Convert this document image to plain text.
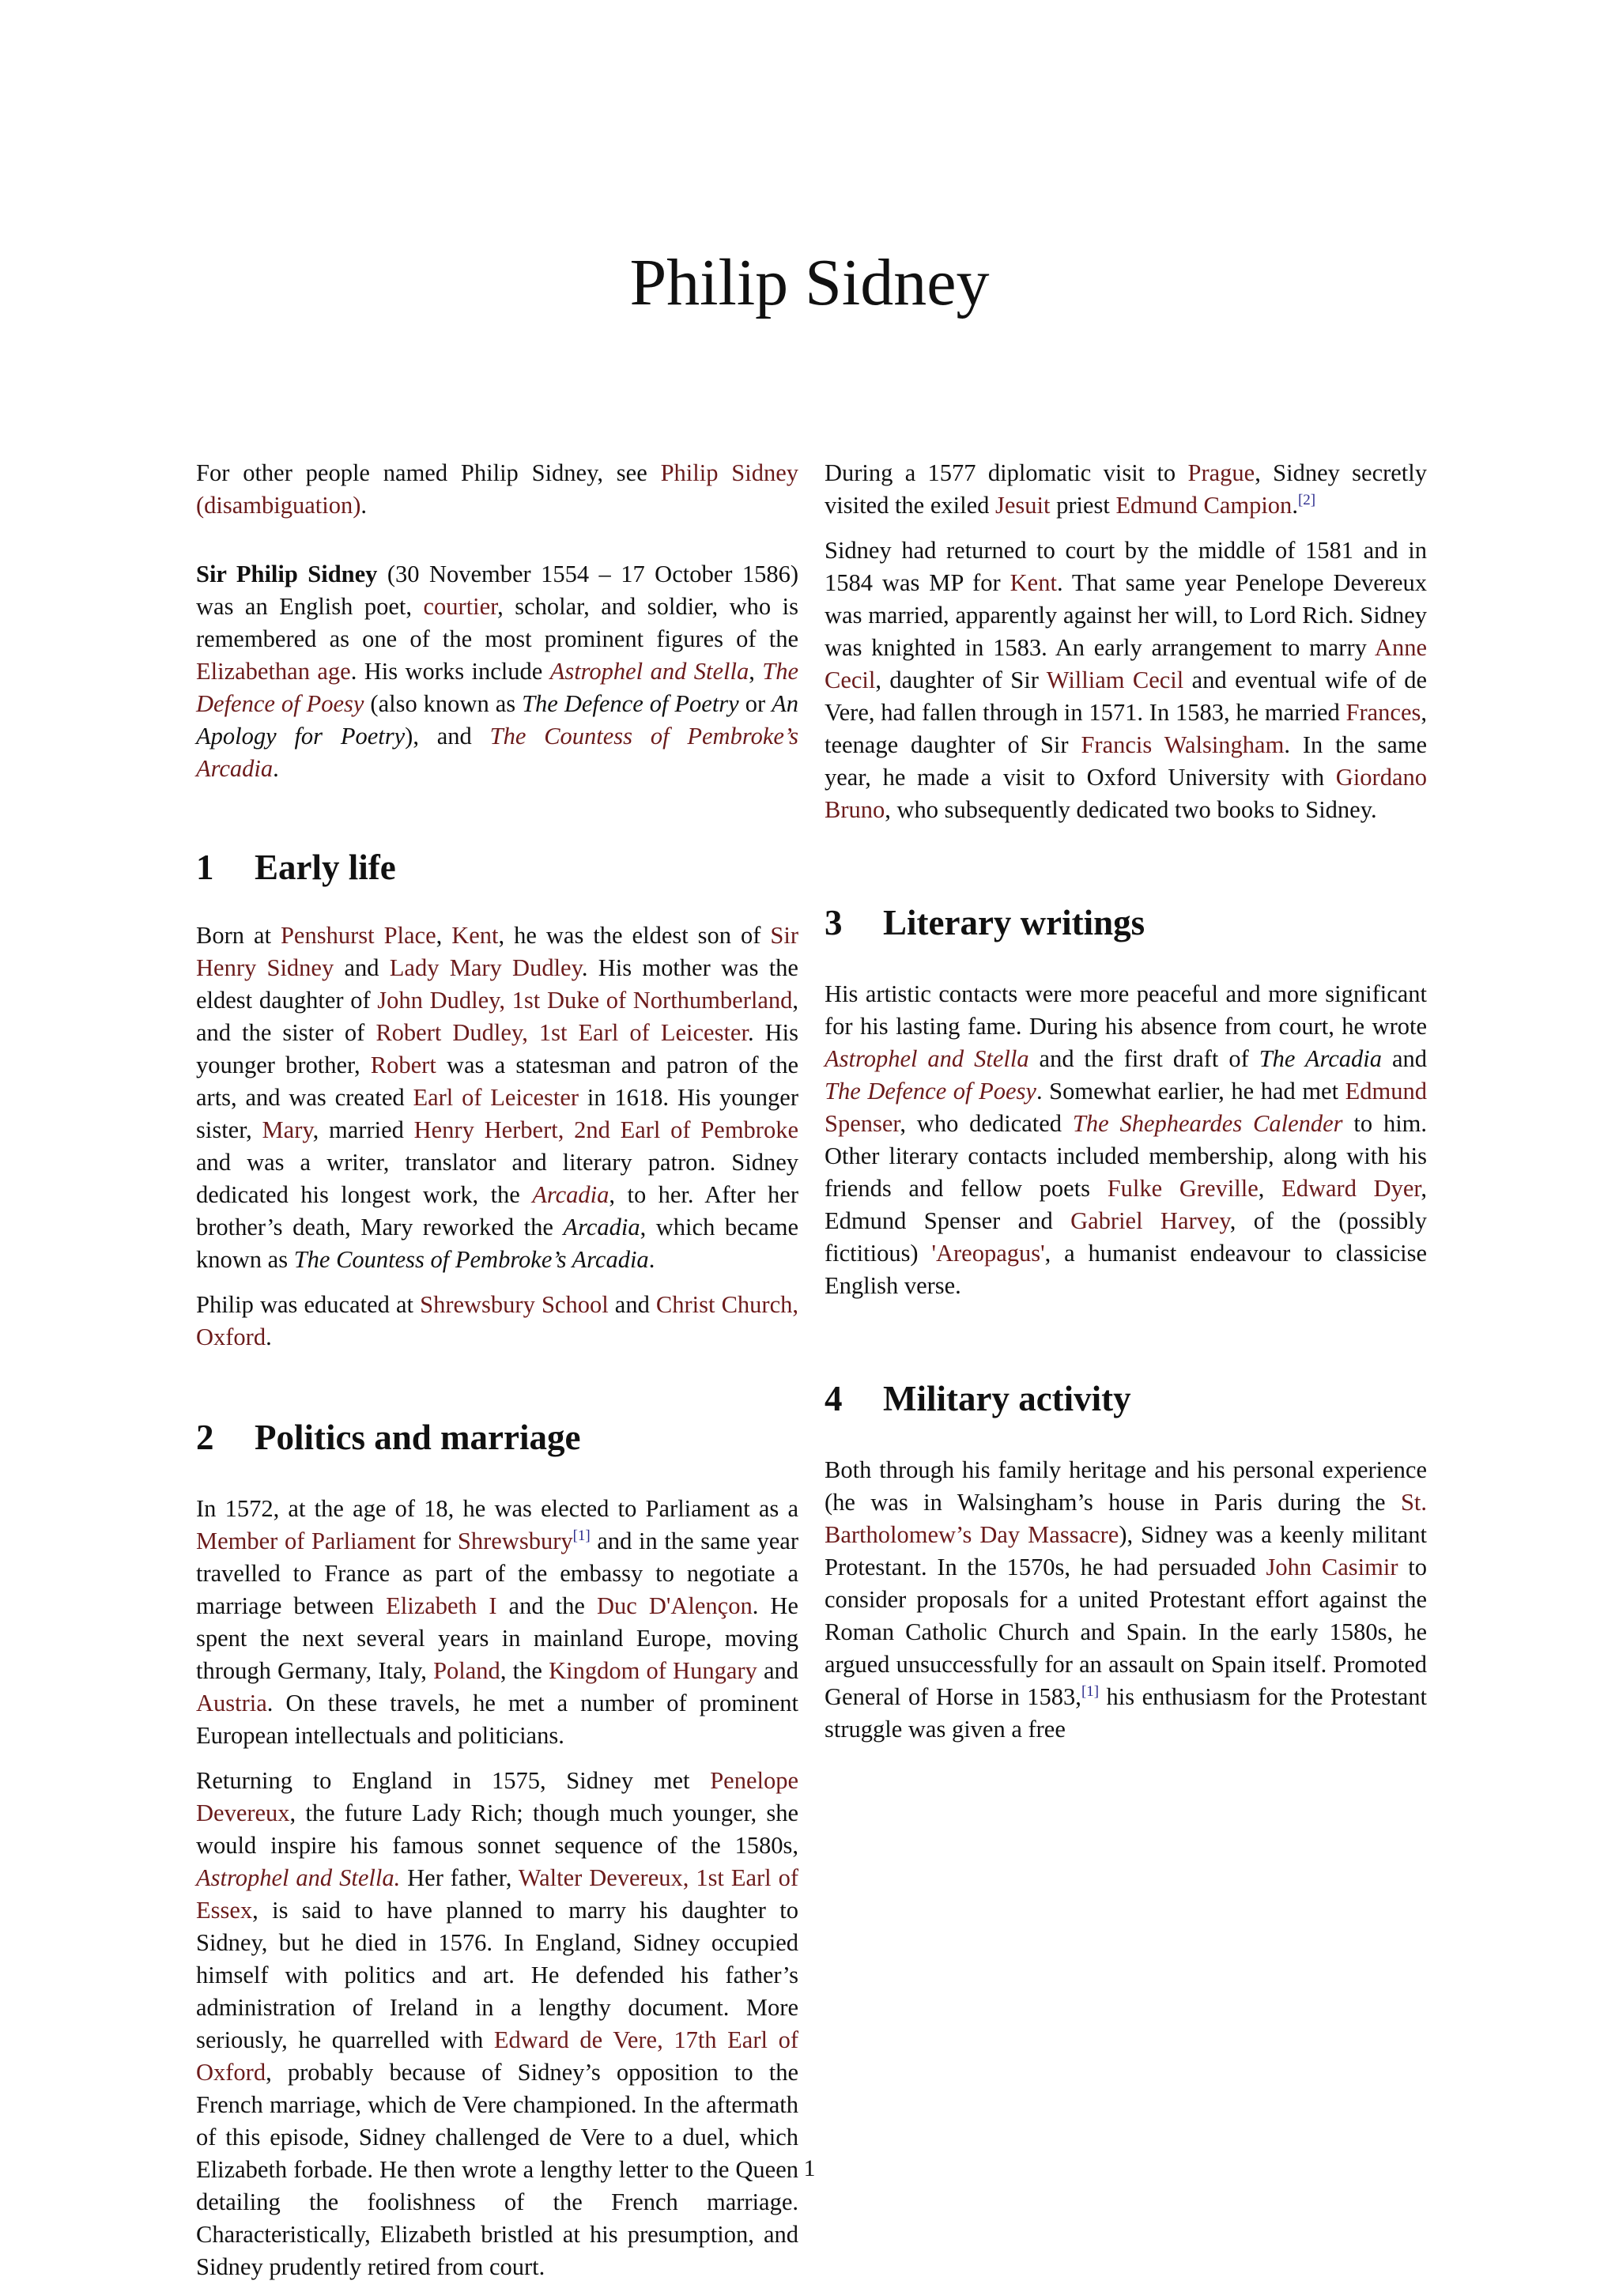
Philip Sidney

For other people named Philip Sidney, see Philip Sidney (disambiguation).

Sir Philip Sidney (30 November 1554 – 17 October 1586) was an English poet, courtier, scholar, and soldier, who is remembered as one of the most prominent figures of the Elizabethan age. His works include Astrophel and Stella, The Defence of Poesy (also known as The Defence of Poetry or An Apology for Poetry), and The Countess of Pembroke’s Arcadia.

1 Early life

Born at Penshurst Place, Kent, he was the eldest son of Sir Henry Sidney and Lady Mary Dudley. His mother was the eldest daughter of John Dudley, 1st Duke of Northumberland, and the sister of Robert Dudley, 1st Earl of Leicester. His younger brother, Robert was a statesman and patron of the arts, and was created Earl of Leicester in 1618. His younger sister, Mary, married Henry Herbert, 2nd Earl of Pembroke and was a writer, translator and literary patron. Sidney dedicated his longest work, the Arcadia, to her. After her brother’s death, Mary reworked the Arcadia, which became known as The Countess of Pembroke’s Arcadia.

Philip was educated at Shrewsbury School and Christ Church, Oxford.

2 Politics and marriage

In 1572, at the age of 18, he was elected to Parliament as a Member of Parliament for Shrewsbury[1] and in the same year travelled to France as part of the embassy to negotiate a marriage between Elizabeth I and the Duc D'Alençon. He spent the next several years in mainland Europe, moving through Germany, Italy, Poland, the Kingdom of Hungary and Austria. On these travels, he met a number of prominent European intellectuals and politicians.

Returning to England in 1575, Sidney met Penelope Devereux, the future Lady Rich; though much younger, she would inspire his famous sonnet sequence of the 1580s, Astrophel and Stella. Her father, Walter Devereux, 1st Earl of Essex, is said to have planned to marry his daughter to Sidney, but he died in 1576. In England, Sidney occupied himself with politics and art. He defended his father’s administration of Ireland in a lengthy document. More seriously, he quarrelled with Edward de Vere, 17th Earl of Oxford, probably because of Sidney’s opposition to the French marriage, which de Vere championed. In the aftermath of this episode, Sidney challenged de Vere to a duel, which Elizabeth forbade. He then wrote a lengthy letter to the Queen detailing the foolishness of the French marriage. Characteristically, Elizabeth bristled at his presumption, and Sidney prudently retired from court.

During a 1577 diplomatic visit to Prague, Sidney secretly visited the exiled Jesuit priest Edmund Campion.[2]

Sidney had returned to court by the middle of 1581 and in 1584 was MP for Kent. That same year Penelope Devereux was married, apparently against her will, to Lord Rich. Sidney was knighted in 1583. An early arrangement to marry Anne Cecil, daughter of Sir William Cecil and eventual wife of de Vere, had fallen through in 1571. In 1583, he married Frances, teenage daughter of Sir Francis Walsingham. In the same year, he made a visit to Oxford University with Giordano Bruno, who subsequently dedicated two books to Sidney.

3 Literary writings

His artistic contacts were more peaceful and more significant for his lasting fame. During his absence from court, he wrote Astrophel and Stella and the first draft of The Arcadia and The Defence of Poesy. Somewhat earlier, he had met Edmund Spenser, who dedicated The Shepheardes Calender to him. Other literary contacts included membership, along with his friends and fellow poets Fulke Greville, Edward Dyer, Edmund Spenser and Gabriel Harvey, of the (possibly fictitious) 'Areopagus', a humanist endeavour to classicise English verse.

4 Military activity

Both through his family heritage and his personal experience (he was in Walsingham’s house in Paris during the St. Bartholomew’s Day Massacre), Sidney was a keenly militant Protestant. In the 1570s, he had persuaded John Casimir to consider proposals for a united Protestant effort against the Roman Catholic Church and Spain. In the early 1580s, he argued unsuccessfully for an assault on Spain itself. Promoted General of Horse in 1583,[1] his enthusiasm for the Protestant struggle was given a free

1
